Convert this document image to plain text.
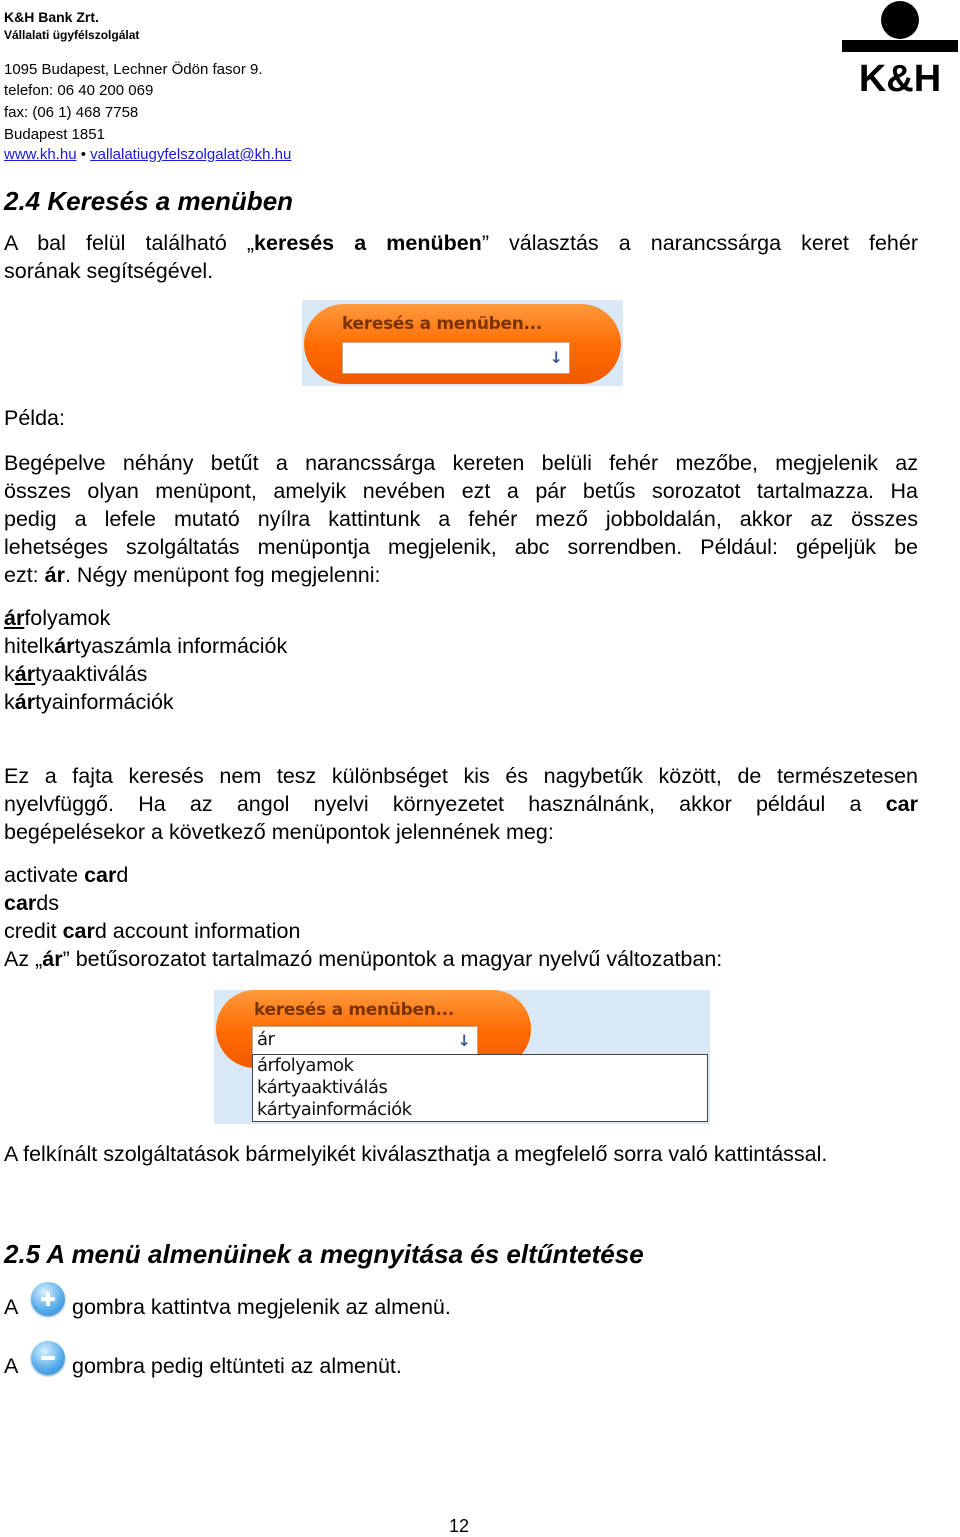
K&H Bank Zrt.
Vállalati ügyfélszolgálat
1095 Budapest, Lechner Ödön fasor 9.
telefon: 06 40 200 069
fax: (06 1) 468 7758
Budapest 1851
www.kh.hu • vallalatiugyfelszolgalat@kh.hu
K&H
2.4 Keresés a menüben

A bal felül található „keresés a menüben” választás a narancssárga keret fehér

sorának segítségével.

keresés a menüben...
↓

Példa:

Begépelve néhány betűt a narancssárga kereten belüli fehér mezőbe, megjelenik az

összes olyan menüpont, amelyik nevében ezt a pár betűs sorozatot tartalmazza. Ha

pedig a lefele mutató nyílra kattintunk a fehér mező jobboldalán, akkor az összes

lehetséges szolgáltatás menüpontja megjelenik, abc sorrendben. Például: gépeljük be

ezt: ár. Négy menüpont fog megjelenni:

árfolyamok
hitelkártyaszámla információk
kártyaaktiválás
kártyainformációk

Ez a fajta keresés nem tesz különbséget kis és nagybetűk között, de természetesen

nyelvfüggő. Ha az angol nyelvi környezetet használnánk, akkor például a car

begépelésekor a következő menüpontok jelennének meg:

activate card
cards
credit card account information
Az „ár” betűsorozatot tartalmazó menüpontok a magyar nyelvű változatban:
keresés a menüben...
ár	↓
árfolyamok
kártyaaktiválás
kártyainformációk
A felkínált szolgáltatások bármelyikét kiválaszthatja a megfelelő sorra való kattintással.
2.5 A menü almenüinek a megnyitása és eltűntetése
A gombra kattintva megjelenik az almenü.
A gombra pedig eltünteti az almenüt.
12
